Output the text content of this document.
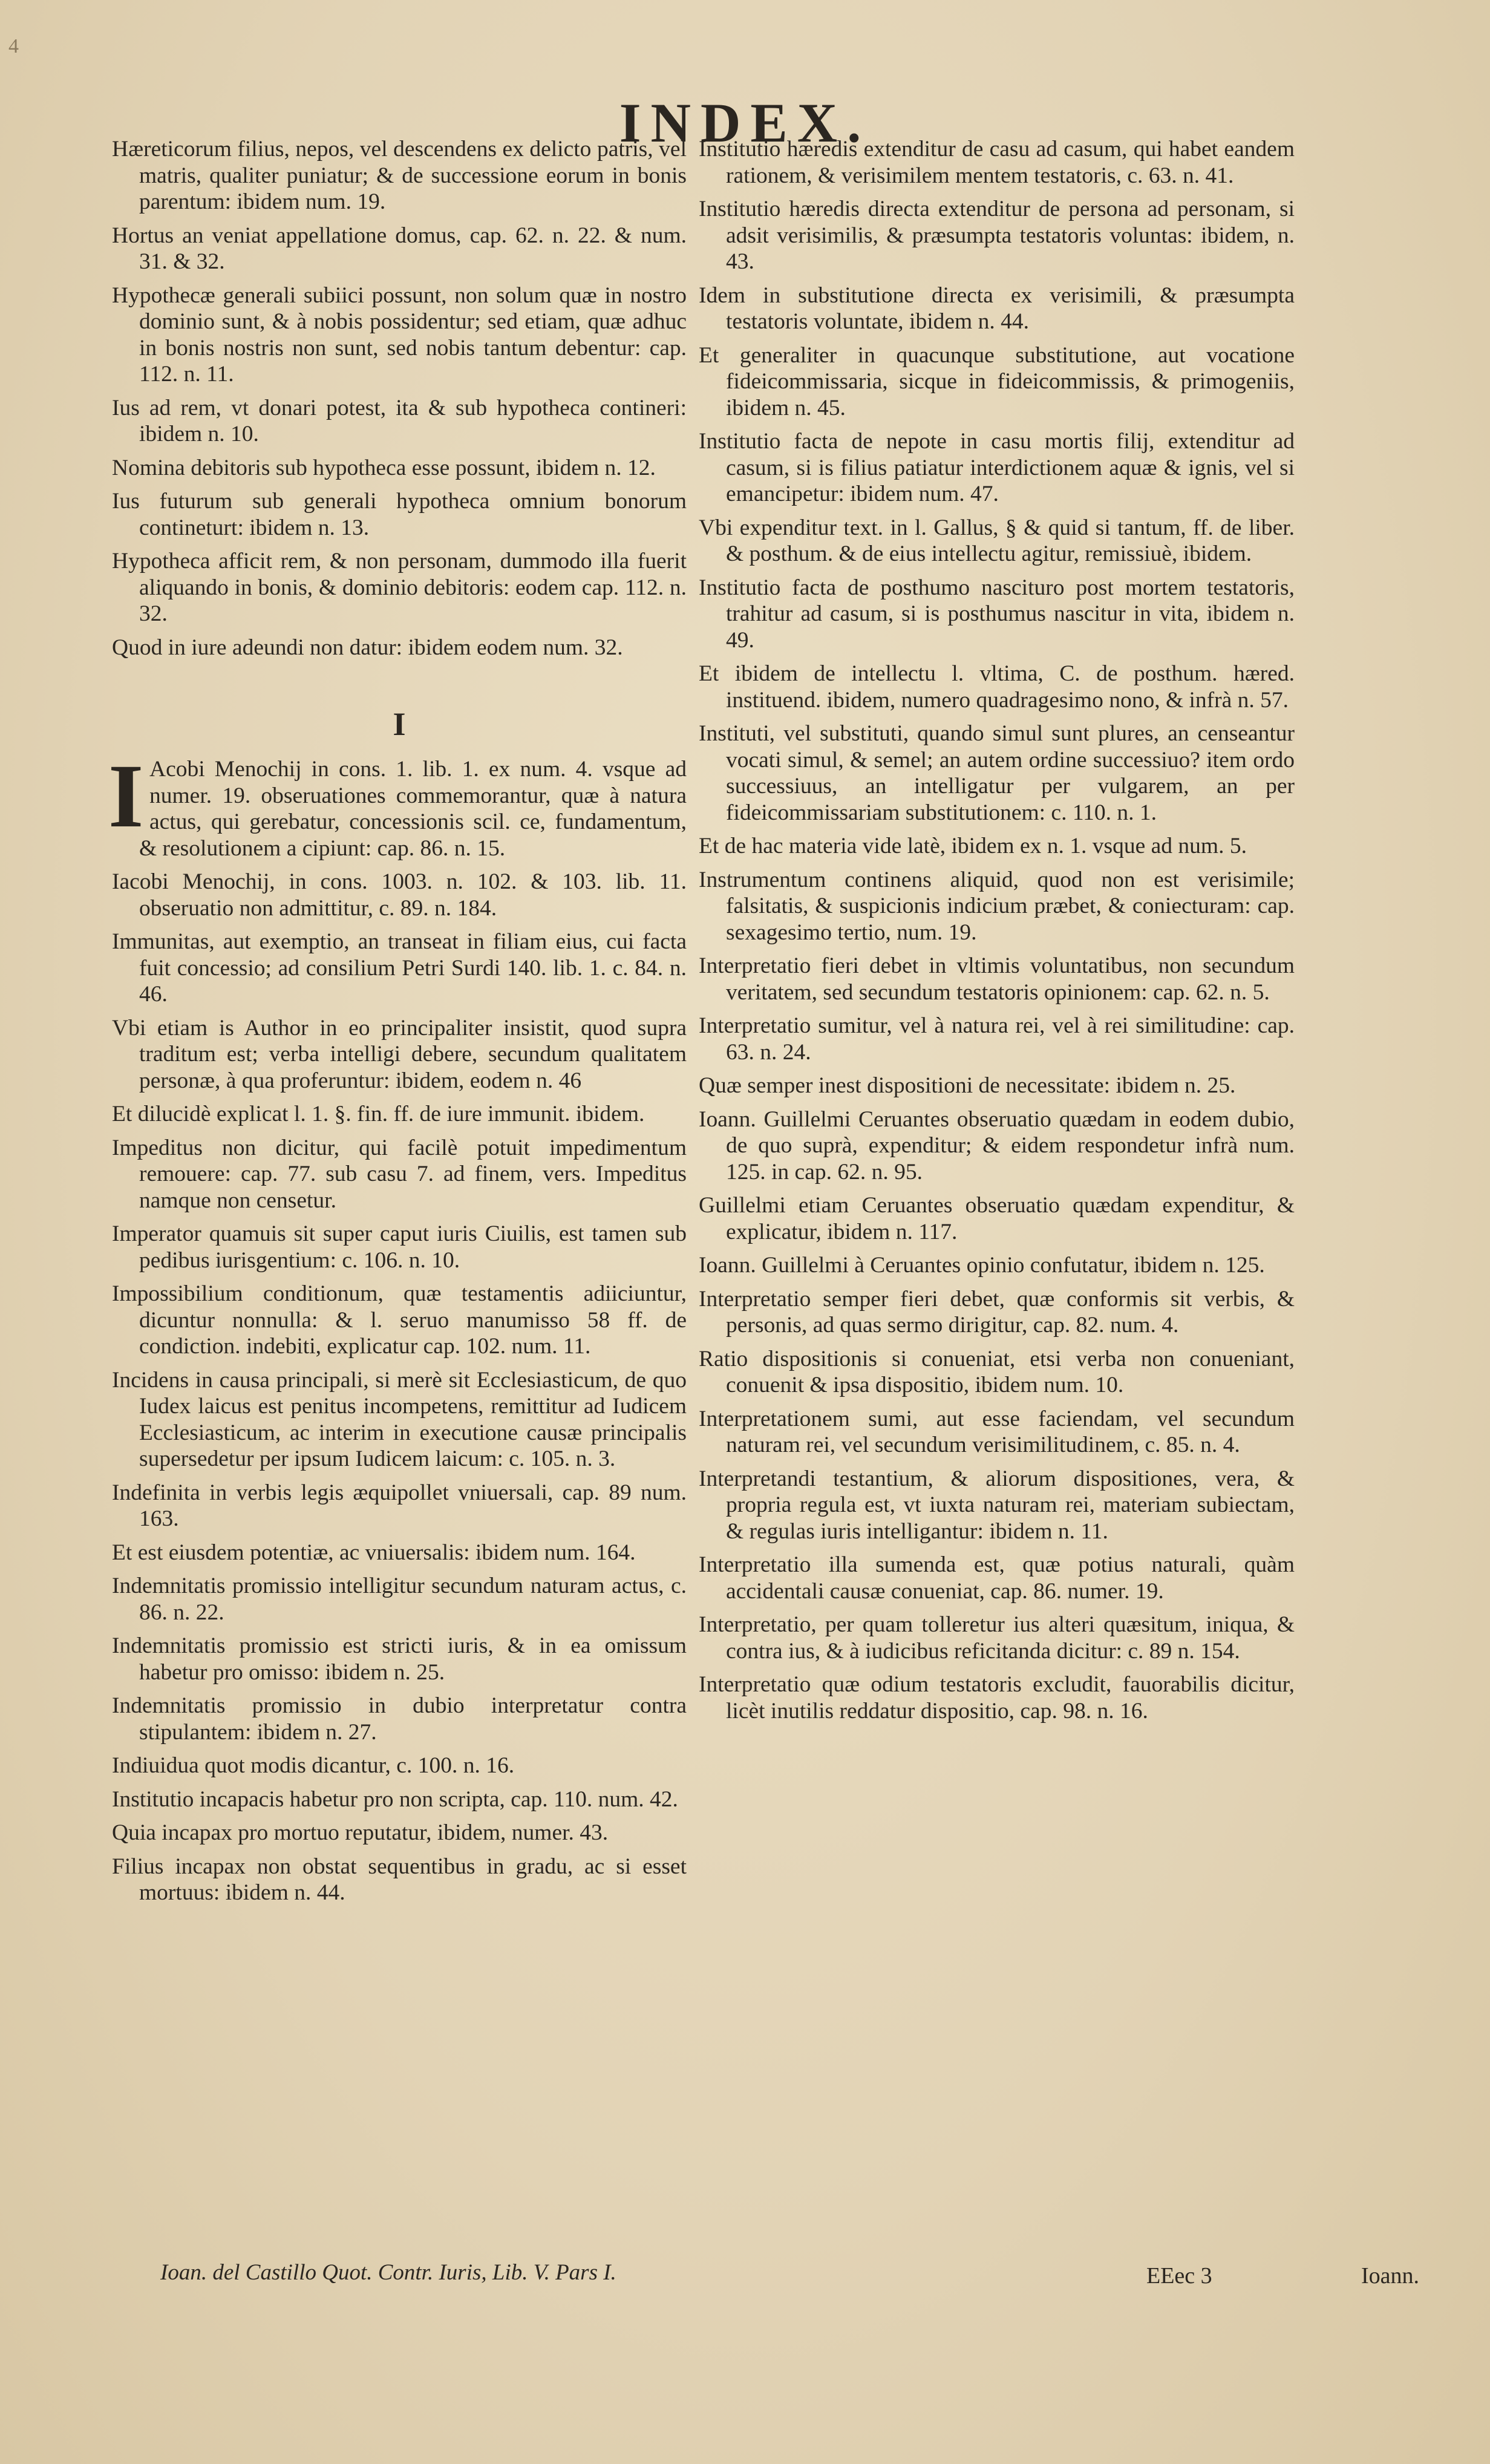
4
INDEX.

Hæreticorum filius, nepos, vel descendens ex delicto patris, vel matris, qualiter puniatur; & de successione eorum in bonis parentum: ibidem num. 19.

Hortus an veniat appellatione domus, cap. 62. n. 22. & num. 31. & 32.

Hypothecæ generali subiici possunt, non solum quæ in nostro dominio sunt, & à nobis possidentur; sed etiam, quæ adhuc in bonis nostris non sunt, sed nobis tantum debentur: cap. 112. n. 11.

Ius ad rem, vt donari potest, ita & sub hypotheca contineri: ibidem n. 10.

Nomina debitoris sub hypotheca esse possunt, ibidem n. 12.

Ius futurum sub generali hypotheca omnium bonorum contineturt: ibidem n. 13.

Hypotheca afficit rem, & non personam, dummodo illa fuerit aliquando in bonis, & dominio debitoris: eodem cap. 112. n. 32.

Quod in iure adeundi non datur: ibidem eodem num. 32.

I
I Acobi Menochij in cons. 1. lib. 1. ex num. 4. vsque ad numer. 19. obseruationes commemorantur, quæ à natura actus, qui gerebatur, concessionis scil. ce, fundamentum, & resolutionem a cipiunt: cap. 86. n. 15.

Iacobi Menochij, in cons. 1003. n. 102. & 103. lib. 11. obseruatio non admittitur, c. 89. n. 184.

Immunitas, aut exemptio, an transeat in filiam eius, cui facta fuit concessio; ad consilium Petri Surdi 140. lib. 1. c. 84. n. 46.

Vbi etiam is Author in eo principaliter insistit, quod supra traditum est; verba intelligi debere, secundum qualitatem personæ, à qua proferuntur: ibidem, eodem n. 46

Et dilucidè explicat l. 1. §. fin. ff. de iure immunit. ibidem.

Impeditus non dicitur, qui facilè potuit impedimentum remouere: cap. 77. sub casu 7. ad finem, vers. Impeditus namque non censetur.

Imperator quamuis sit super caput iuris Ciuilis, est tamen sub pedibus iurisgentium: c. 106. n. 10.

Impossibilium conditionum, quæ testamentis adiiciuntur, dicuntur nonnulla: & l. seruo manumisso 58 ff. de condiction. indebiti, explicatur cap. 102. num. 11.

Incidens in causa principali, si merè sit Ecclesiasticum, de quo Iudex laicus est penitus incompetens, remittitur ad Iudicem Ecclesiasticum, ac interim in executione causæ principalis supersedetur per ipsum Iudicem laicum: c. 105. n. 3.

Indefinita in verbis legis æquipollet vniuersali, cap. 89 num. 163.

Et est eiusdem potentiæ, ac vniuersalis: ibidem num. 164.

Indemnitatis promissio intelligitur secundum naturam actus, c. 86. n. 22.

Indemnitatis promissio est stricti iuris, & in ea omissum habetur pro omisso: ibidem n. 25.

Indemnitatis promissio in dubio interpretatur contra stipulantem: ibidem n. 27.

Indiuidua quot modis dicantur, c. 100. n. 16.

Institutio incapacis habetur pro non scripta, cap. 110. num. 42.

Quia incapax pro mortuo reputatur, ibidem, numer. 43.

Filius incapax non obstat sequentibus in gradu, ac si esset mortuus: ibidem n. 44.

Institutio hæredis extenditur de casu ad casum, qui habet eandem rationem, & verisimilem mentem testatoris, c. 63. n. 41.

Institutio hæredis directa extenditur de persona ad personam, si adsit verisimilis, & præsumpta testatoris voluntas: ibidem, n. 43.

Idem in substitutione directa ex verisimili, & præsumpta testatoris voluntate, ibidem n. 44.

Et generaliter in quacunque substitutione, aut vocatione fideicommissaria, sicque in fideicommissis, & primogeniis, ibidem n. 45.

Institutio facta de nepote in casu mortis filij, extenditur ad casum, si is filius patiatur interdictionem aquæ & ignis, vel si emancipetur: ibidem num. 47.

Vbi expenditur text. in l. Gallus, § & quid si tantum, ff. de liber. & posthum. & de eius intellectu agitur, remissiuè, ibidem.

Institutio facta de posthumo nascituro post mortem testatoris, trahitur ad casum, si is posthumus nascitur in vita, ibidem n. 49.

Et ibidem de intellectu l. vltima, C. de posthum. hæred. instituend. ibidem, numero quadragesimo nono, & infrà n. 57.

Instituti, vel substituti, quando simul sunt plures, an censeantur vocati simul, & semel; an autem ordine successiuo? item ordo successiuus, an intelligatur per vulgarem, an per fideicommissariam substitutionem: c. 110. n. 1.

Et de hac materia vide latè, ibidem ex n. 1. vsque ad num. 5.

Instrumentum continens aliquid, quod non est verisimile; falsitatis, & suspicionis indicium præbet, & coniecturam: cap. sexagesimo tertio, num. 19.

Interpretatio fieri debet in vltimis voluntatibus, non secundum veritatem, sed secundum testatoris opinionem: cap. 62. n. 5.

Interpretatio sumitur, vel à natura rei, vel à rei similitudine: cap. 63. n. 24.

Quæ semper inest dispositioni de necessitate: ibidem n. 25.

Ioann. Guillelmi Ceruantes obseruatio quædam in eodem dubio, de quo suprà, expenditur; & eidem respondetur infrà num. 125. in cap. 62. n. 95.

Guillelmi etiam Ceruantes obseruatio quædam expenditur, & explicatur, ibidem n. 117.

Ioann. Guillelmi à Ceruantes opinio confutatur, ibidem n. 125.

Interpretatio semper fieri debet, quæ conformis sit verbis, & personis, ad quas sermo dirigitur, cap. 82. num. 4.

Ratio dispositionis si conueniat, etsi verba non conueniant, conuenit & ipsa dispositio, ibidem num. 10.

Interpretationem sumi, aut esse faciendam, vel secundum naturam rei, vel secundum verisimilitudinem, c. 85. n. 4.

Interpretandi testantium, & aliorum dispositiones, vera, & propria regula est, vt iuxta naturam rei, materiam subiectam, & regulas iuris intelligantur: ibidem n. 11.

Interpretatio illa sumenda est, quæ potius naturali, quàm accidentali causæ conueniat, cap. 86. numer. 19.

Interpretatio, per quam tolleretur ius alteri quæsitum, iniqua, & contra ius, & à iudicibus reficitanda dicitur: c. 89 n. 154.

Interpretatio quæ odium testatoris excludit, fauorabilis dicitur, licèt inutilis reddatur dispositio, cap. 98. n. 16.

Ioan. del Castillo Quot. Contr. Iuris, Lib. V. Pars I.	EEec 3	Ioann.
